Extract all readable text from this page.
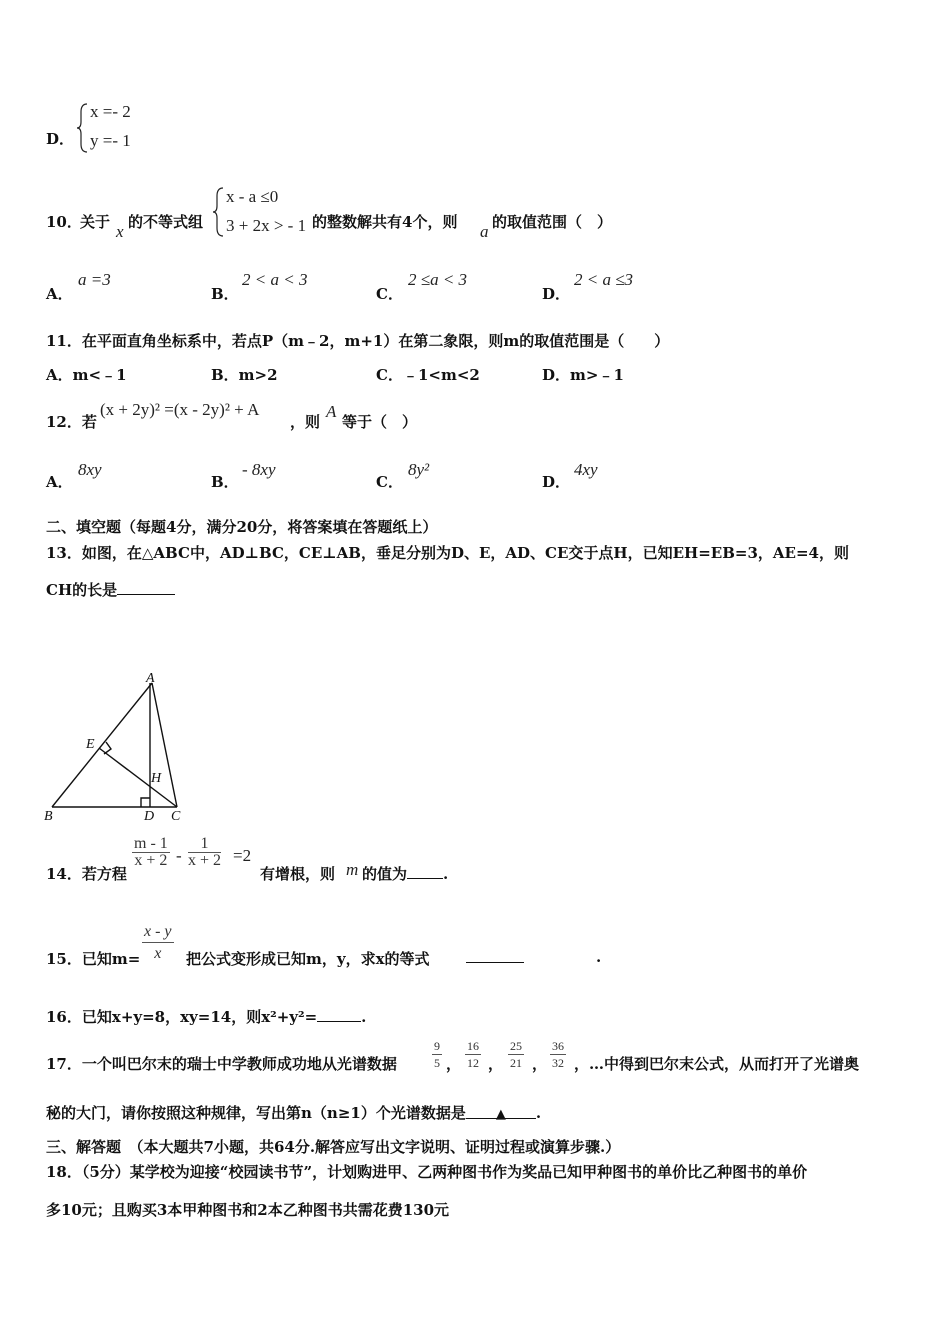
D．
x =- 2
y =- 1
10．
关于 x 的不等式组
x - a ≤0
3 + 2x > - 1 的整数解共有4个，则 a 的取值范围（　）
A．
a =3
B．
2 < a < 3
C．
2 ≤a < 3
D．
2 < a ≤3
11．在平面直角坐标系中，若点P（m﹣2，m+1）在第二象限，则m的取值范围是（　　）
A．m<﹣1	B．m>2	C．﹣1<m<2	D．m>﹣1
12．若
(x + 2y)² =(x - 2y)² + A
，则
A
等于（　）
A．
8xy
B．
- 8xy
C．
8y²
D．
4xy
二、填空题（每题4分，满分20分，将答案填在答题纸上）
13．如图，在△ABC中，AD⊥BC，CE⊥AB，垂足分别为D、E，AD、CE交于点H，已知EH=EB=3，AE=4，则
CH的长是
A
B	C
D
E
H
14．若方程
$\frac{m - 1}{x + 2} - \frac{1}{x + 2} =2$
有增根，则 m 的值为 .
15．已知$m= \frac{x - y}{x}$ 把公式变形成已知m，y，求x的等式	.
16．已知x+y=8，xy=14，则x²+y²=	.
17．一个叫巴尔末的瑞士中学教师成功地从光谱数据	$\frac{9}{5}$ ， $\frac{16}{12}$ ， $\frac{25}{21}$ ， $\frac{36}{32}$ ，…中得到巴尔末公式，从而打开了光谱奥
秘的大门，请你按照这种规律，写出第n（n≥1）个光谱数据是 ▲ .
三、解答题　（本大题共7小题，共64分.解答应写出文字说明、证明过程或演算步骤.）
18．（5分）某学校为迎接“校园读书节”，计划购进甲、乙两种图书作为奖品已知甲种图书的单价比乙种图书的单价
多10元；且购买3本甲种图书和2本乙种图书共需花费130元
